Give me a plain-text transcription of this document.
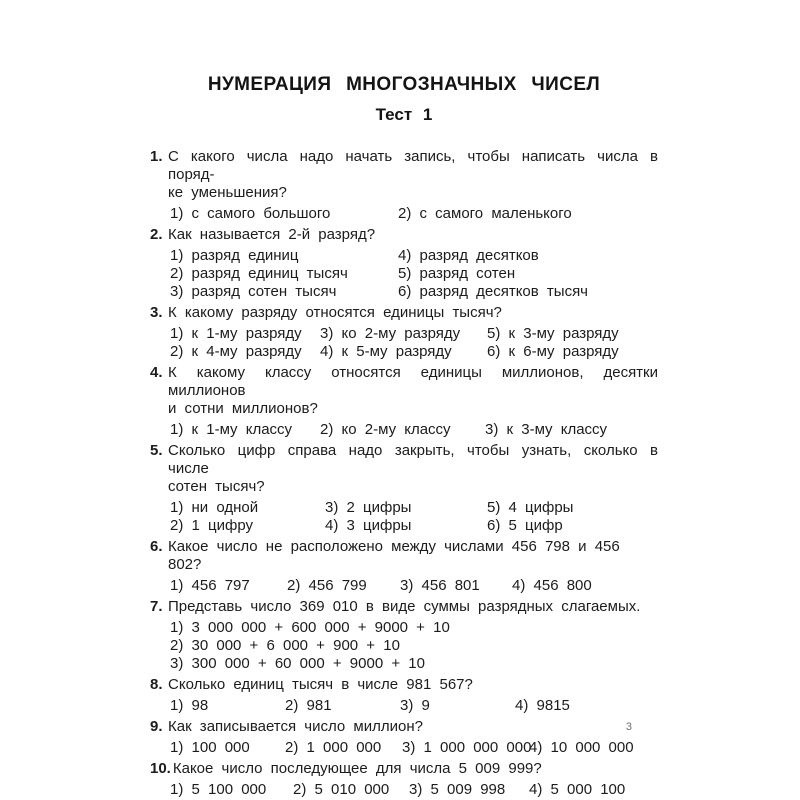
НУМЕРАЦИЯ МНОГОЗНАЧНЫХ ЧИСЕЛ
Тест 1
1. С какого числа надо начать запись, чтобы написать числа в поряд-
ке уменьшения?
1) с самого большого	2) с самого маленького
2. Как называется 2-й разряд?
1) разряд единиц	4) разряд десятков
2) разряд единиц тысяч	5) разряд сотен
3) разряд сотен тысяч	6) разряд десятков тысяч
3. К какому разряду относятся единицы тысяч?
1) к 1-му разряду	3) ко 2-му разряду	5) к 3-му разряду
2) к 4-му разряду	4) к 5-му разряду	6) к 6-му разряду
4. К какому классу относятся единицы миллионов, десятки миллионов
и сотни миллионов?
1) к 1-му классу	2) ко 2-му классу	3) к 3-му классу
5. Сколько цифр справа надо закрыть, чтобы узнать, сколько в числе
сотен тысяч?
1) ни одной	3) 2 цифры	5) 4 цифры
2) 1 цифру	4) 3 цифры	6) 5 цифр
6. Какое число не расположено между числами 456 798 и 456 802?
1) 456 797	2) 456 799	3) 456 801	4) 456 800
7. Представь число 369 010 в виде суммы разрядных слагаемых.
1) 3 000 000 + 600 000 + 9000 + 10
2) 30 000 + 6 000 + 900 + 10
3) 300 000 + 60 000 + 9000 + 10
8. Сколько единиц тысяч в числе 981 567?
1) 98	2) 981	3) 9	4) 9815
9. Как записывается число миллион?
1) 100 000	2) 1 000 000	3) 1 000 000 000
4) 10 000 000
10. Какое число последующее для числа 5 009 999?
1) 5 100 000	2) 5 010 000	3) 5 009 998	4) 5 000 100
3
